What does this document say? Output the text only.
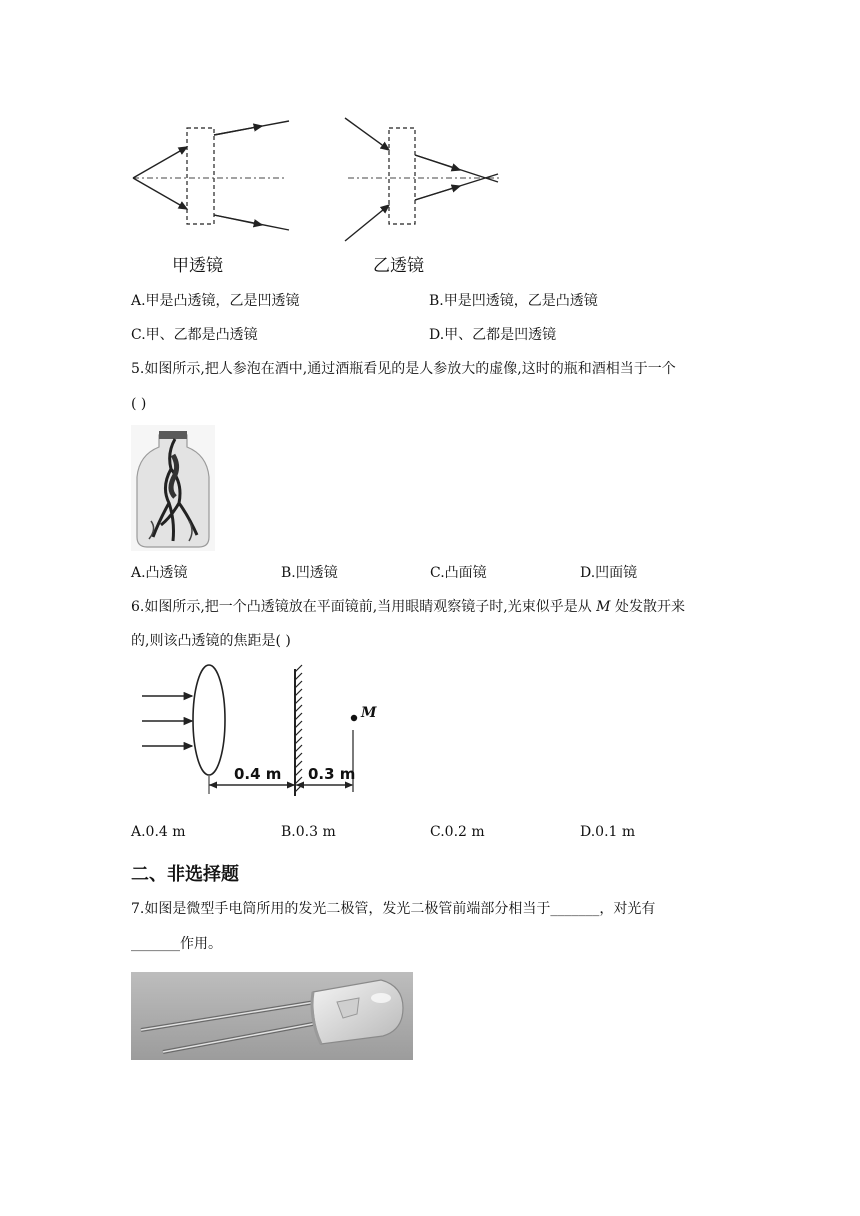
甲透镜	乙透镜
A.甲是凸透镜，乙是凹透镜	B.甲是凹透镜，乙是凸透镜
C.甲、乙都是凸透镜	D.甲、乙都是凹透镜
5.如图所示,把人参泡在酒中,通过酒瓶看见的是人参放大的虚像,这时的瓶和酒相当于一个
( )
A.凸透镜	B.凹透镜	C.凸面镜	D.凹面镜
6.如图所示,把一个凸透镜放在平面镜前,当用眼睛观察镜子时,光束似乎是从 M 处发散开来
的,则该凸透镜的焦距是( )
0.4 m 0.3 m
M
A.0.4 m	B.0.3 m	C.0.2 m	D.0.1 m
二、非选择题
7.如图是微型手电筒所用的发光二极管，发光二极管前端部分相当于_______，对光有
_______作用。
